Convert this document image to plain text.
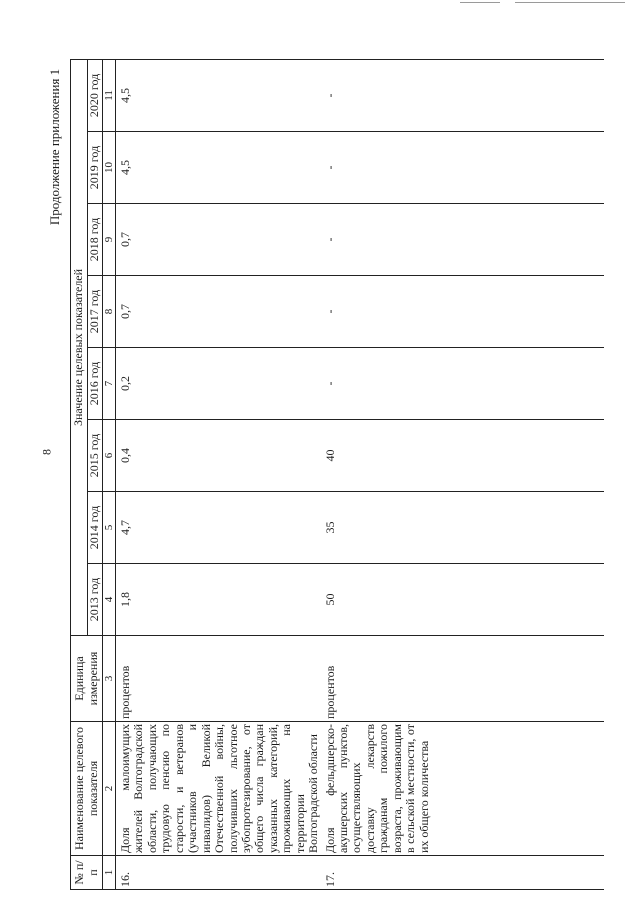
8
Продолжение приложения 1
№ п/п	Наименование целевого показателя	Единица измерения	Значение целевых показателей							
			2013 год	2014 год	2015 год	2016 год	2017 год	2018 год	2019 год	2020 год
1	2	3	4	5	6	7	8	9	10	11
16.	Доля малоимущих жителей Волгоградской области, получающих трудовую пенсию по старости, и ветеранов (участников и инвалидов) Великой Отечественной войны, получивших льготное зубопротезирование, от общего числа граждан указанных категорий, проживающих на территории Волгоградской области	процентов	1,8	4,7	0,4	0,2	0,7	0,7	4,5	4,5
17.	Доля фельдшерско-акушерских пунктов, осуществляющих доставку лекарств гражданам пожилого возраста, проживающим в сельской местности, от их общего количества	процентов	50	35	40	-	-	-	-	-
